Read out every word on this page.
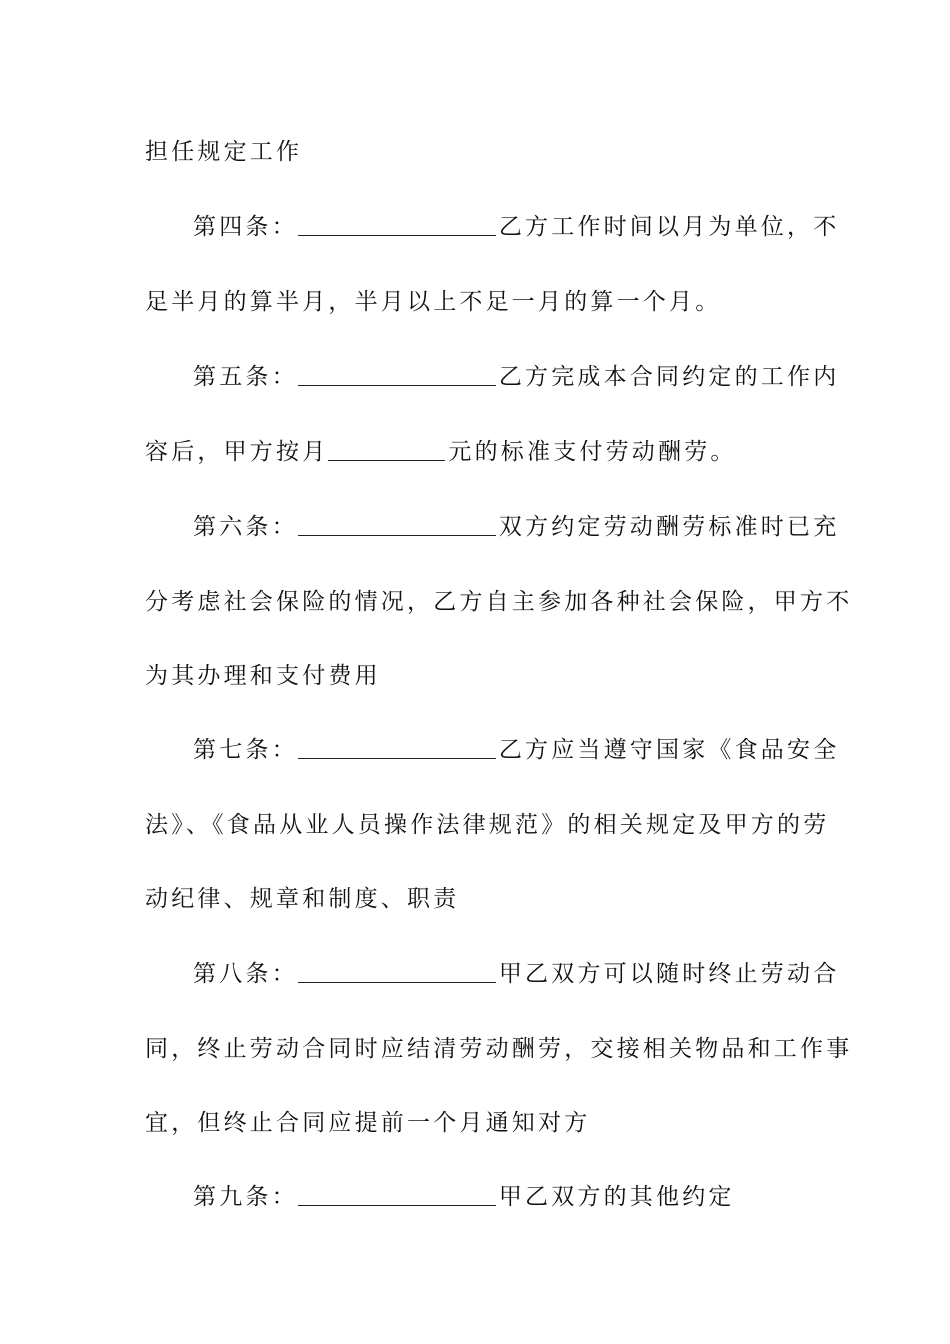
担任规定工作
第四条：	乙方工作时间以月为单位，不
足半月的算半月，半月以上不足一月的算一个月。
第五条：	乙方完成本合同约定的工作内
容后，甲方按月	元的标准支付劳动酬劳。
第六条：	双方约定劳动酬劳标准时已充
分考虑社会保险的情况，乙方自主参加各种社会保险，甲方不
为其办理和支付费用
第七条：	乙方应当遵守国家《食品安全
法》、《食品从业人员操作法律规范》的相关规定及甲方的劳
动纪律、规章和制度、职责
第八条：	甲乙双方可以随时终止劳动合
同，终止劳动合同时应结清劳动酬劳，交接相关物品和工作事
宜，但终止合同应提前一个月通知对方
第九条：	甲乙双方的其他约定
